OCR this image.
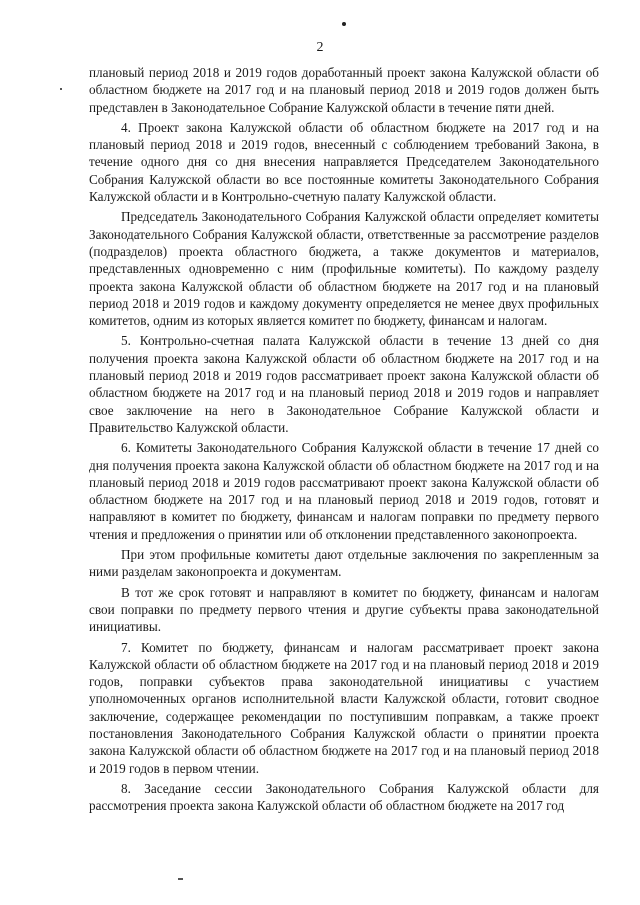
2

плановый период 2018 и 2019 годов доработанный проект закона Калужской области об областном бюджете на 2017 год и на плановый период 2018 и 2019 годов должен быть представлен в Законодательное Собрание Калужской области в течение пяти дней.

4. Проект закона Калужской области об областном бюджете на 2017 год и на плановый период 2018 и 2019 годов, внесенный с соблюдением требований Закона, в течение одного дня со дня внесения направляется Председателем Законодательного Собрания Калужской области во все постоянные комитеты Законодательного Собрания Калужской области и в Контрольно-счетную палату Калужской области.

Председатель Законодательного Собрания Калужской области определяет комитеты Законодательного Собрания Калужской области, ответственные за рассмотрение разделов (подразделов) проекта областного бюджета, а также документов и материалов, представленных одновременно с ним (профильные комитеты). По каждому разделу проекта закона Калужской области об областном бюджете на 2017 год и на плановый период 2018 и 2019 годов и каждому документу определяется не менее двух профильных комитетов, одним из которых является комитет по бюджету, финансам и налогам.

5. Контрольно-счетная палата Калужской области в течение 13 дней со дня получения проекта закона Калужской области об областном бюджете на 2017 год и на плановый период 2018 и 2019 годов рассматривает проект закона Калужской области об областном бюджете на 2017 год и на плановый период 2018 и 2019 годов и направляет свое заключение на него в Законодательное Собрание Калужской области и Правительство Калужской области.

6. Комитеты Законодательного Собрания Калужской области в течение 17 дней со дня получения проекта закона Калужской области об областном бюджете на 2017 год и на плановый период 2018 и 2019 годов рассматривают проект закона Калужской области об областном бюджете на 2017 год и на плановый период 2018 и 2019 годов, готовят и направляют в комитет по бюджету, финансам и налогам поправки по предмету первого чтения и предложения о принятии или об отклонении представленного законопроекта.

При этом профильные комитеты дают отдельные заключения по закрепленным за ними разделам законопроекта и документам.

В тот же срок готовят и направляют в комитет по бюджету, финансам и налогам свои поправки по предмету первого чтения и другие субъекты права законодательной инициативы.

7. Комитет по бюджету, финансам и налогам рассматривает проект закона Калужской области об областном бюджете на 2017 год и на плановый период 2018 и 2019 годов, поправки субъектов права законодательной инициативы с участием уполномоченных органов исполнительной власти Калужской области, готовит сводное заключение, содержащее рекомендации по поступившим поправкам, а также проект постановления Законодательного Собрания Калужской области о принятии проекта закона Калужской области об областном бюджете на 2017 год и на плановый период 2018 и 2019 годов в первом чтении.

8. Заседание сессии Законодательного Собрания Калужской области для рассмотрения проекта закона Калужской области об областном бюджете на 2017 год
